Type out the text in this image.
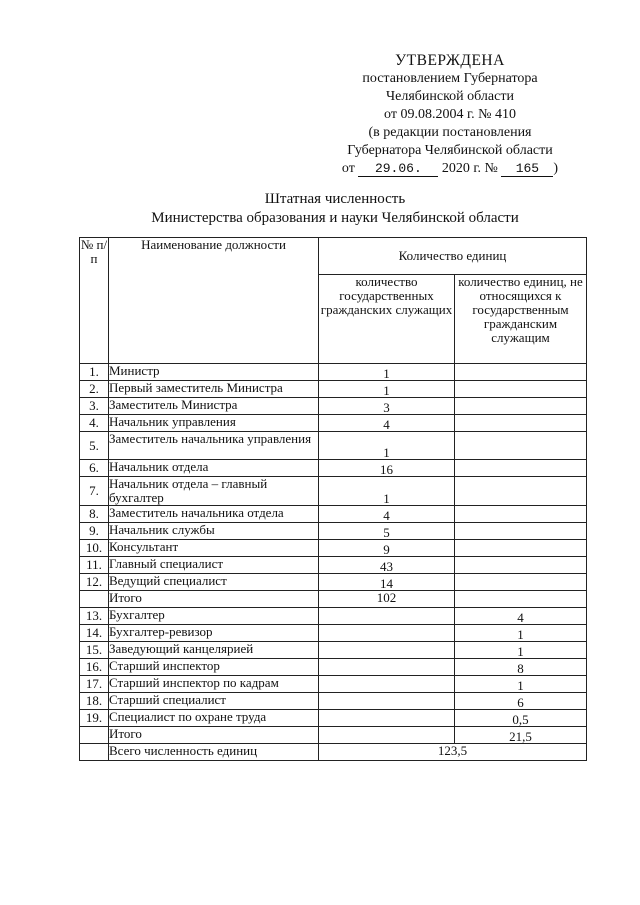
УТВЕРЖДЕНА
постановлением Губернатора
Челябинской области
от 09.08.2004 г. № 410
(в редакции постановления
Губернатора Челябинской области
от 29.06. 2020 г. № 165 )
Штатная численность
Министерства образования и науки Челябинской области
№ п/п	Наименование должности	Количество единиц	
		количество государственных гражданских служащих	количество единиц, не относящихся к государственным гражданским служащим
1.	Министр	1	
2.	Первый заместитель Министра	1	
3.	Заместитель Министра	3	
4.	Начальник управления	4	
5.	Заместитель начальника управления	1	
6.	Начальник отдела	16	
7.	Начальник отдела – главный бухгалтер	1	
8.	Заместитель начальника отдела	4	
9.	Начальник службы	5	
10.	Консультант	9	
11.	Главный специалист	43	
12.	Ведущий специалист	14	
	Итого	102	
13.	Бухгалтер		4
14.	Бухгалтер-ревизор		1
15.	Заведующий канцелярией		1
16.	Старший инспектор		8
17.	Старший инспектор по кадрам		1
18.	Старший специалист		6
19.	Специалист по охране труда		0,5
	Итого		21,5
	Всего численность единиц	123,5	
